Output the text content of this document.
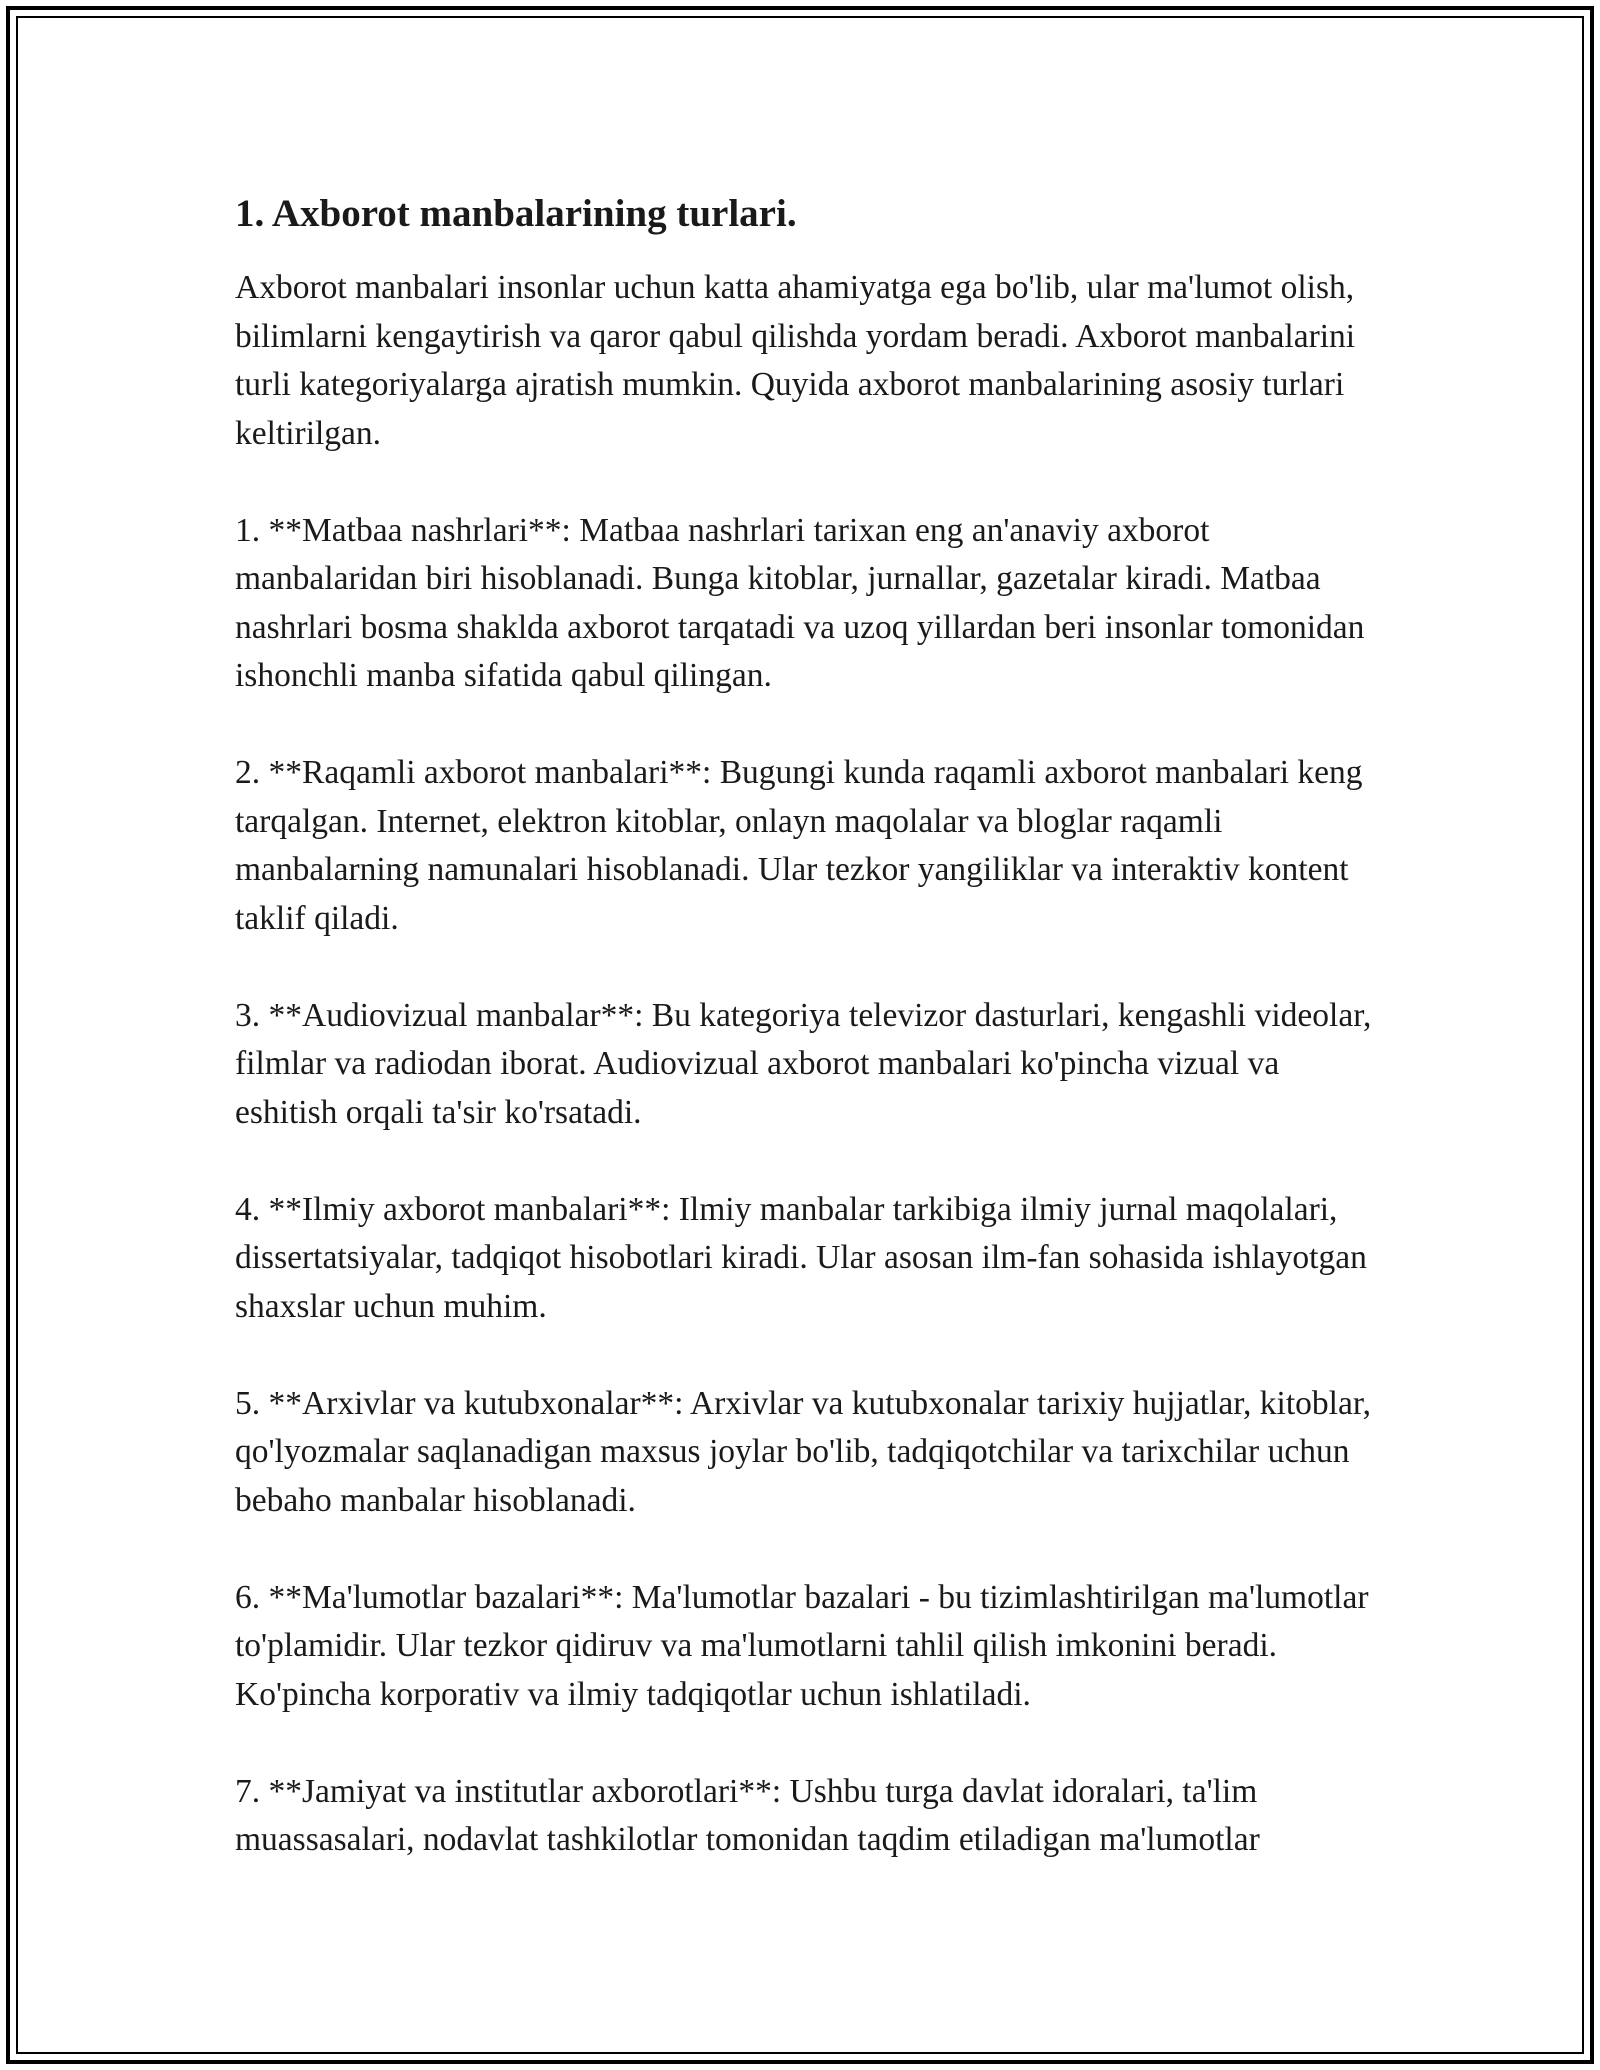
1. Axborot manbalarining turlari.

Axborot manbalari insonlar uchun katta ahamiyatga ega bo'lib, ular ma'lumot olish, bilimlarni kengaytirish va qaror qabul qilishda yordam beradi. Axborot manbalarini turli kategoriyalarga ajratish mumkin. Quyida axborot manbalarining asosiy turlari keltirilgan.

1. **Matbaa nashrlari**: Matbaa nashrlari tarixan eng an'anaviy axborot manbalaridan biri hisoblanadi. Bunga kitoblar, jurnallar, gazetalar kiradi. Matbaa nashrlari bosma shaklda axborot tarqatadi va uzoq yillardan beri insonlar tomonidan ishonchli manba sifatida qabul qilingan.

2. **Raqamli axborot manbalari**: Bugungi kunda raqamli axborot manbalari keng tarqalgan. Internet, elektron kitoblar, onlayn maqolalar va bloglar raqamli manbalarning namunalari hisoblanadi. Ular tezkor yangiliklar va interaktiv kontent taklif qiladi.

3. **Audiovizual manbalar**: Bu kategoriya televizor dasturlari, kengashli videolar, filmlar va radiodan iborat. Audiovizual axborot manbalari ko'pincha vizual va eshitish orqali ta'sir ko'rsatadi.

4. **Ilmiy axborot manbalari**: Ilmiy manbalar tarkibiga ilmiy jurnal maqolalari, dissertatsiyalar, tadqiqot hisobotlari kiradi. Ular asosan ilm-fan sohasida ishlayotgan shaxslar uchun muhim.

5. **Arxivlar va kutubxonalar**: Arxivlar va kutubxonalar tarixiy hujjatlar, kitoblar, qo'lyozmalar saqlanadigan maxsus joylar bo'lib, tadqiqotchilar va tarixchilar uchun bebaho manbalar hisoblanadi.

6. **Ma'lumotlar bazalari**: Ma'lumotlar bazalari - bu tizimlashtirilgan ma'lumotlar to'plamidir. Ular tezkor qidiruv va ma'lumotlarni tahlil qilish imkonini beradi. Ko'pincha korporativ va ilmiy tadqiqotlar uchun ishlatiladi.

7. **Jamiyat va institutlar axborotlari**: Ushbu turga davlat idoralari, ta'lim muassasalari, nodavlat tashkilotlar tomonidan taqdim etiladigan ma'lumotlar
